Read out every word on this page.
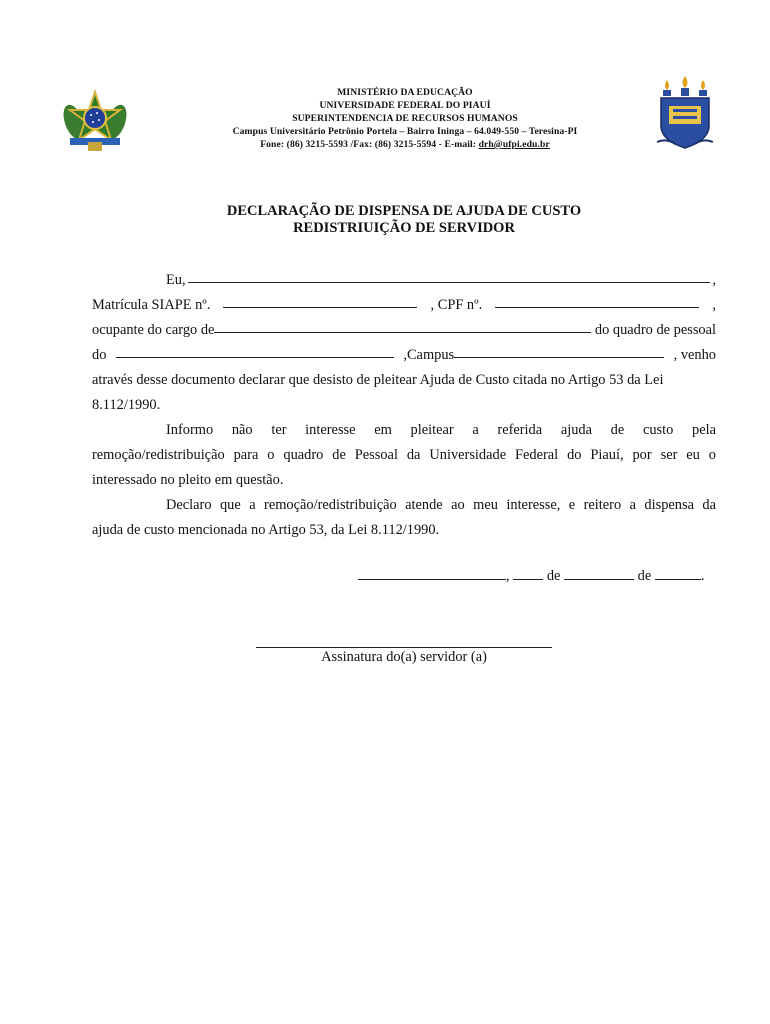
MINISTÉRIO DA EDUCAÇÃO
UNIVERSIDADE FEDERAL DO PIAUÍ
SUPERINTENDENCIA DE RECURSOS HUMANOS
Campus Universitário Petrônio Portela – Bairro Ininga – 64.049-550 – Teresina-PI
Fone: (86) 3215-5593 /Fax: (86) 3215-5594 - E-mail: drh@ufpi.edu.br
DECLARAÇÃO DE DISPENSA DE AJUDA DE CUSTO
REDISTRIUIÇÃO DE SERVIDOR
Eu,	,
Matrícula SIAPE nº.	, CPF nº.	,
ocupante do cargo de	do quadro de pessoal
do	,Campus	, venho
através desse documento declarar que desisto de pleitear Ajuda de Custo citada no Artigo 53 da Lei
8.112/1990.
Informo não ter interesse em pleitear a referida ajuda de custo pela
remoção/redistribuição para o quadro de Pessoal da Universidade Federal do Piauí, por ser eu o
interessado no pleito em questão.
Declaro que a remoção/redistribuição atende ao meu interesse, e reitero a dispensa da
ajuda de custo mencionada no Artigo 53, da Lei 8.112/1990.
,	de	de	.
Assinatura do(a) servidor (a)
